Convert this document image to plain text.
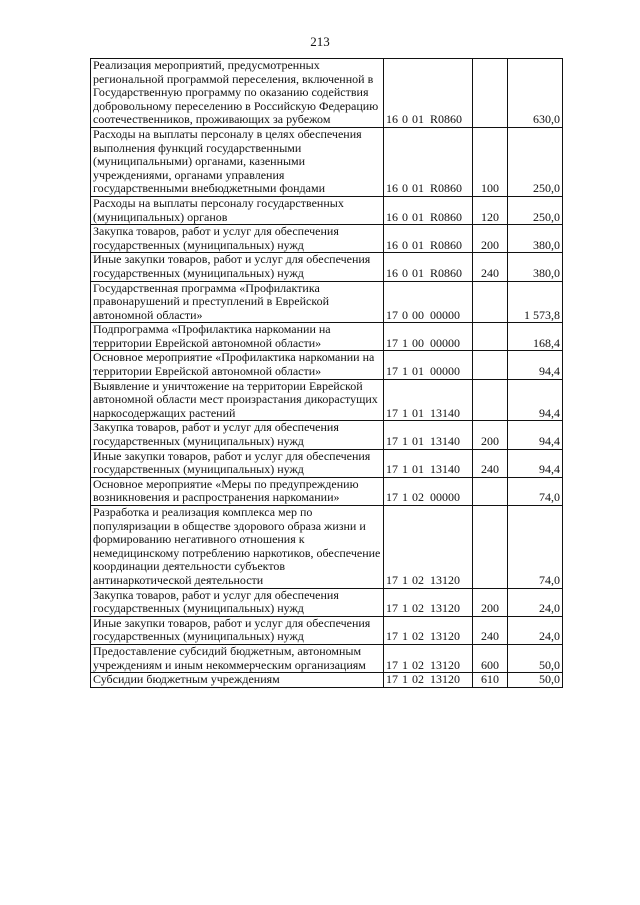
213
Реализация мероприятий, предусмотренных региональной программой переселения, включенной в Государственную программу по оказанию содействия добровольному переселению в Российскую Федерацию соотечественников, проживающих за рубежом	16 0 01 R0860		630,0
Расходы на выплаты персоналу в целях обеспечения выполнения функций государственными (муниципальными) органами, казенными учреждениями, органами управления государственными внебюджетными фондами	16 0 01 R0860	100	250,0
Расходы на выплаты персоналу государственных (муниципальных) органов	16 0 01 R0860	120	250,0
Закупка товаров, работ и услуг для обеспечения государственных (муниципальных) нужд	16 0 01 R0860	200	380,0
Иные закупки товаров, работ и услуг для обеспечения государственных (муниципальных) нужд	16 0 01 R0860	240	380,0
Государственная программа «Профилактика правонарушений и преступлений в Еврейской автономной области»	17 0 00 00000		1 573,8
Подпрограмма «Профилактика наркомании на территории Еврейской автономной области»	17 1 00 00000		168,4
Основное мероприятие «Профилактика наркомании на территории Еврейской автономной области»	17 1 01 00000		94,4
Выявление и уничтожение на территории Еврейской автономной области мест произрастания дикорастущих наркосодержащих растений	17 1 01 13140		94,4
Закупка товаров, работ и услуг для обеспечения государственных (муниципальных) нужд	17 1 01 13140	200	94,4
Иные закупки товаров, работ и услуг для обеспечения государственных (муниципальных) нужд	17 1 01 13140	240	94,4
Основное мероприятие «Меры по предупреждению возникновения и распространения наркомании»	17 1 02 00000		74,0
Разработка и реализация комплекса мер по популяризации в обществе здорового образа жизни и формированию негативного отношения к немедицинскому потреблению наркотиков, обеспечение координации деятельности субъектов антинаркотической деятельности	17 1 02 13120		74,0
Закупка товаров, работ и услуг для обеспечения государственных (муниципальных) нужд	17 1 02 13120	200	24,0
Иные закупки товаров, работ и услуг для обеспечения государственных (муниципальных) нужд	17 1 02 13120	240	24,0
Предоставление субсидий бюджетным, автономным учреждениям и иным некоммерческим организациям	17 1 02 13120	600	50,0
Субсидии бюджетным учреждениям	17 1 02 13120	610	50,0
